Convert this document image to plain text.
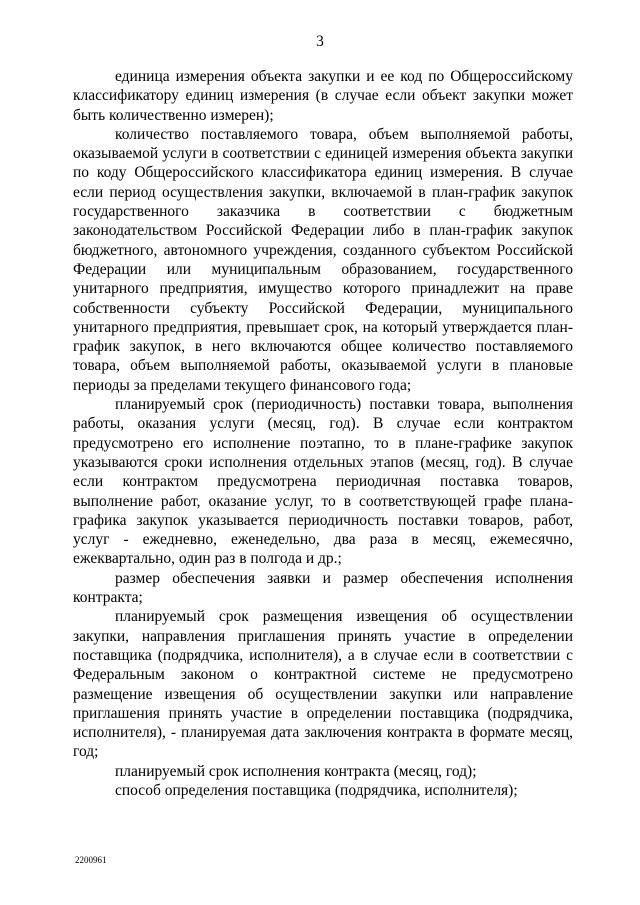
3

единица измерения объекта закупки и ее код по Общероссийскому классификатору единиц измерения (в случае если объект закупки может быть количественно измерен);

количество поставляемого товара, объем выполняемой работы, оказываемой услуги в соответствии с единицей измерения объекта закупки по коду Общероссийского классификатора единиц измерения. В случае если период осуществления закупки, включаемой в план-график закупок государственного заказчика в соответствии с бюджетным законодательством Российской Федерации либо в план-график закупок бюджетного, автономного учреждения, созданного субъектом Российской Федерации или муниципальным образованием, государственного унитарного предприятия, имущество которого принадлежит на праве собственности субъекту Российской Федерации, муниципального унитарного предприятия, превышает срок, на который утверждается план-график закупок, в него включаются общее количество поставляемого товара, объем выполняемой работы, оказываемой услуги в плановые периоды за пределами текущего финансового года;

планируемый срок (периодичность) поставки товара, выполнения работы, оказания услуги (месяц, год). В случае если контрактом предусмотрено его исполнение поэтапно, то в плане-графике закупок указываются сроки исполнения отдельных этапов (месяц, год). В случае если контрактом предусмотрена периодичная поставка товаров, выполнение работ, оказание услуг, то в соответствующей графе плана-графика закупок указывается периодичность поставки товаров, работ, услуг - ежедневно, еженедельно, два раза в месяц, ежемесячно, ежеквартально, один раз в полгода и др.;

размер обеспечения заявки и размер обеспечения исполнения контракта;

планируемый срок размещения извещения об осуществлении закупки, направления приглашения принять участие в определении поставщика (подрядчика, исполнителя), а в случае если в соответствии с Федеральным законом о контрактной системе не предусмотрено размещение извещения об осуществлении закупки или направление приглашения принять участие в определении поставщика (подрядчика, исполнителя), - планируемая дата заключения контракта в формате месяц, год;

планируемый срок исполнения контракта (месяц, год);

способ определения поставщика (подрядчика, исполнителя);

2200961
